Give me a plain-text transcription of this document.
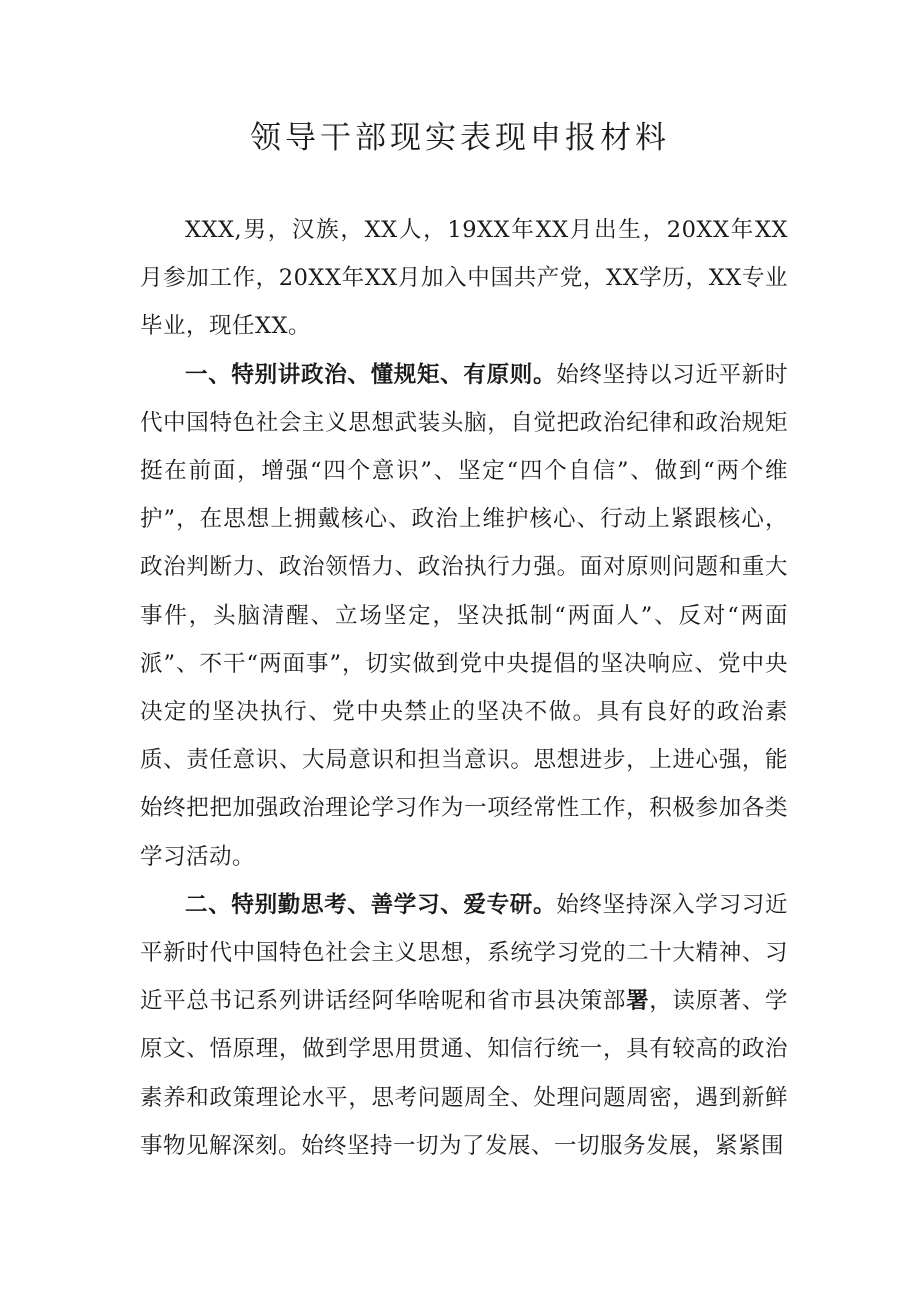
领导干部现实表现申报材料

XXX,男，汉族，XX人，19XX年XX月出生，20XX年XX月参加工作，20XX年XX月加入中国共产党，XX学历，XX专业毕业，现任XX。

一、特别讲政治、懂规矩、有原则。始终坚持以习近平新时代中国特色社会主义思想武装头脑，自觉把政治纪律和政治规矩挺在前面，增强“四个意识”、坚定“四个自信”、做到“两个维护”，在思想上拥戴核心、政治上维护核心、行动上紧跟核心，政治判断力、政治领悟力、政治执行力强。面对原则问题和重大事件，头脑清醒、立场坚定，坚决抵制“两面人”、反对“两面派”、不干“两面事”，切实做到党中央提倡的坚决响应、党中央决定的坚决执行、党中央禁止的坚决不做。具有良好的政治素质、责任意识、大局意识和担当意识。思想进步，上进心强，能始终把把加强政治理论学习作为一项经常性工作，积极参加各类学习活动。

二、特别勤思考、善学习、爱专研。始终坚持深入学习习近平新时代中国特色社会主义思想，系统学习党的二十大精神、习近平总书记系列讲话经阿华啥呢和省市县决策部署，读原著、学原文、悟原理，做到学思用贯通、知信行统一，具有较高的政治素养和政策理论水平，思考问题周全、处理问题周密，遇到新鲜事物见解深刻。始终坚持一切为了发展、一切服务发展，紧紧围
